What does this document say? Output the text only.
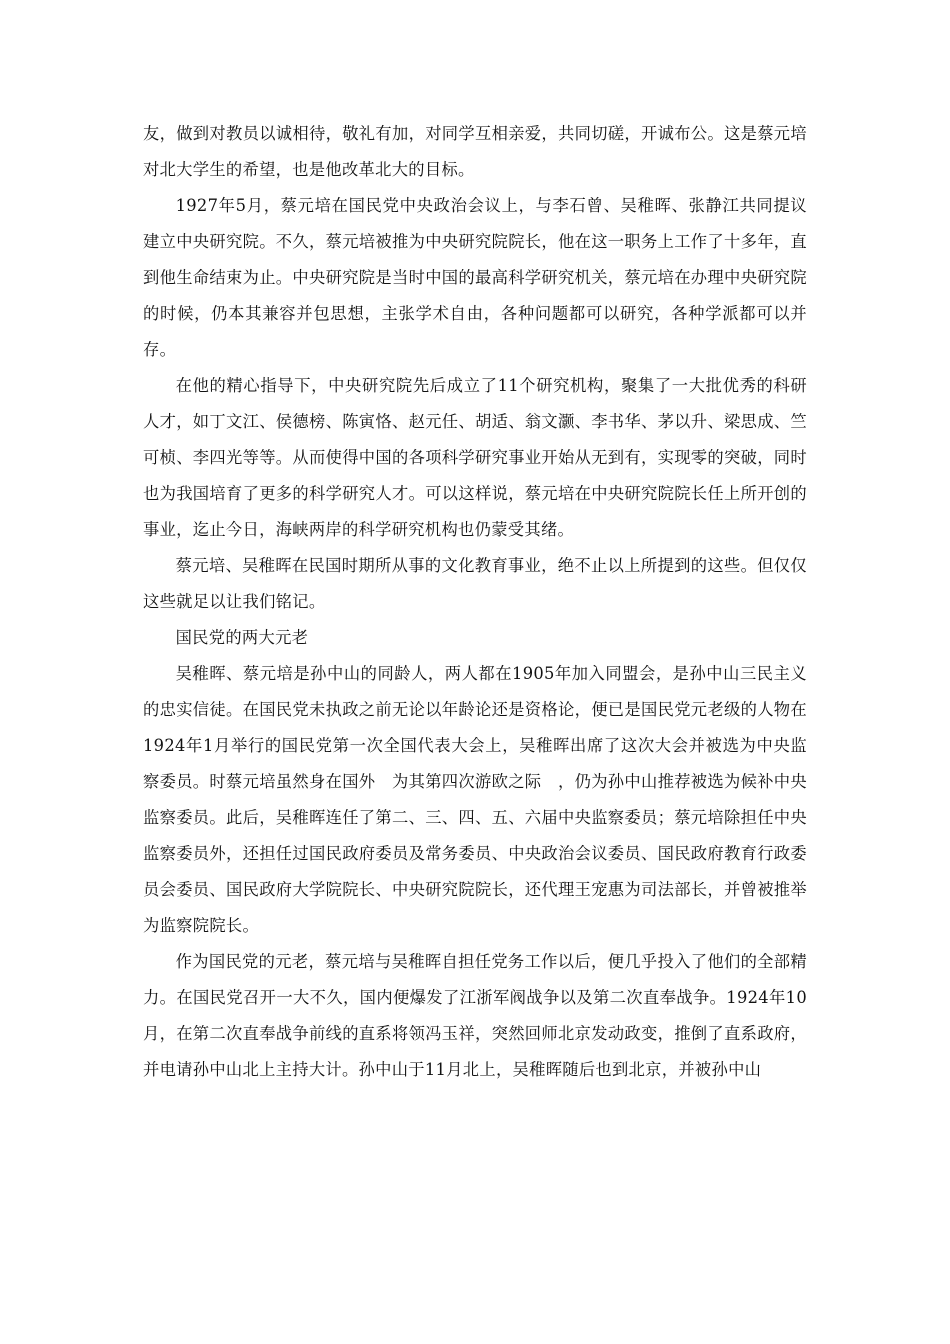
友，做到对教员以诚相待，敬礼有加，对同学互相亲爱，共同切磋，开诚布公。这是蔡元培对北大学生的希望，也是他改革北大的目标。

1927年5月，蔡元培在国民党中央政治会议上，与李石曾、吴稚晖、张静江共同提议建立中央研究院。不久，蔡元培被推为中央研究院院长，他在这一职务上工作了十多年，直到他生命结束为止。中央研究院是当时中国的最高科学研究机关，蔡元培在办理中央研究院的时候，仍本其兼容并包思想，主张学术自由，各种问题都可以研究，各种学派都可以并存。

在他的精心指导下，中央研究院先后成立了11个研究机构，聚集了一大批优秀的科研人才，如丁文江、侯德榜、陈寅恪、赵元任、胡适、翁文灏、李书华、茅以升、梁思成、竺可桢、李四光等等。从而使得中国的各项科学研究事业开始从无到有，实现零的突破，同时也为我国培育了更多的科学研究人才。可以这样说，蔡元培在中央研究院院长任上所开创的事业，迄止今日，海峡两岸的科学研究机构也仍蒙受其绪。

蔡元培、吴稚晖在民国时期所从事的文化教育事业，绝不止以上所提到的这些。但仅仅这些就足以让我们铭记。

国民党的两大元老

吴稚晖、蔡元培是孙中山的同龄人，两人都在1905年加入同盟会，是孙中山三民主义的忠实信徒。在国民党未执政之前无论以年龄论还是资格论，便已是国民党元老级的人物在1924年1月举行的国民党第一次全国代表大会上，吴稚晖出席了这次大会并被选为中央监察委员。时蔡元培虽然身在国外　为其第四次游欧之际　，仍为孙中山推荐被选为候补中央监察委员。此后，吴稚晖连任了第二、三、四、五、六届中央监察委员；蔡元培除担任中央监察委员外，还担任过国民政府委员及常务委员、中央政治会议委员、国民政府教育行政委员会委员、国民政府大学院院长、中央研究院院长，还代理王宠惠为司法部长，并曾被推举为监察院院长。

作为国民党的元老，蔡元培与吴稚晖自担任党务工作以后，便几乎投入了他们的全部精力。在国民党召开一大不久，国内便爆发了江浙军阀战争以及第二次直奉战争。1924年10月，在第二次直奉战争前线的直系将领冯玉祥，突然回师北京发动政变，推倒了直系政府，并电请孙中山北上主持大计。孙中山于11月北上，吴稚晖随后也到北京，并被孙中山
